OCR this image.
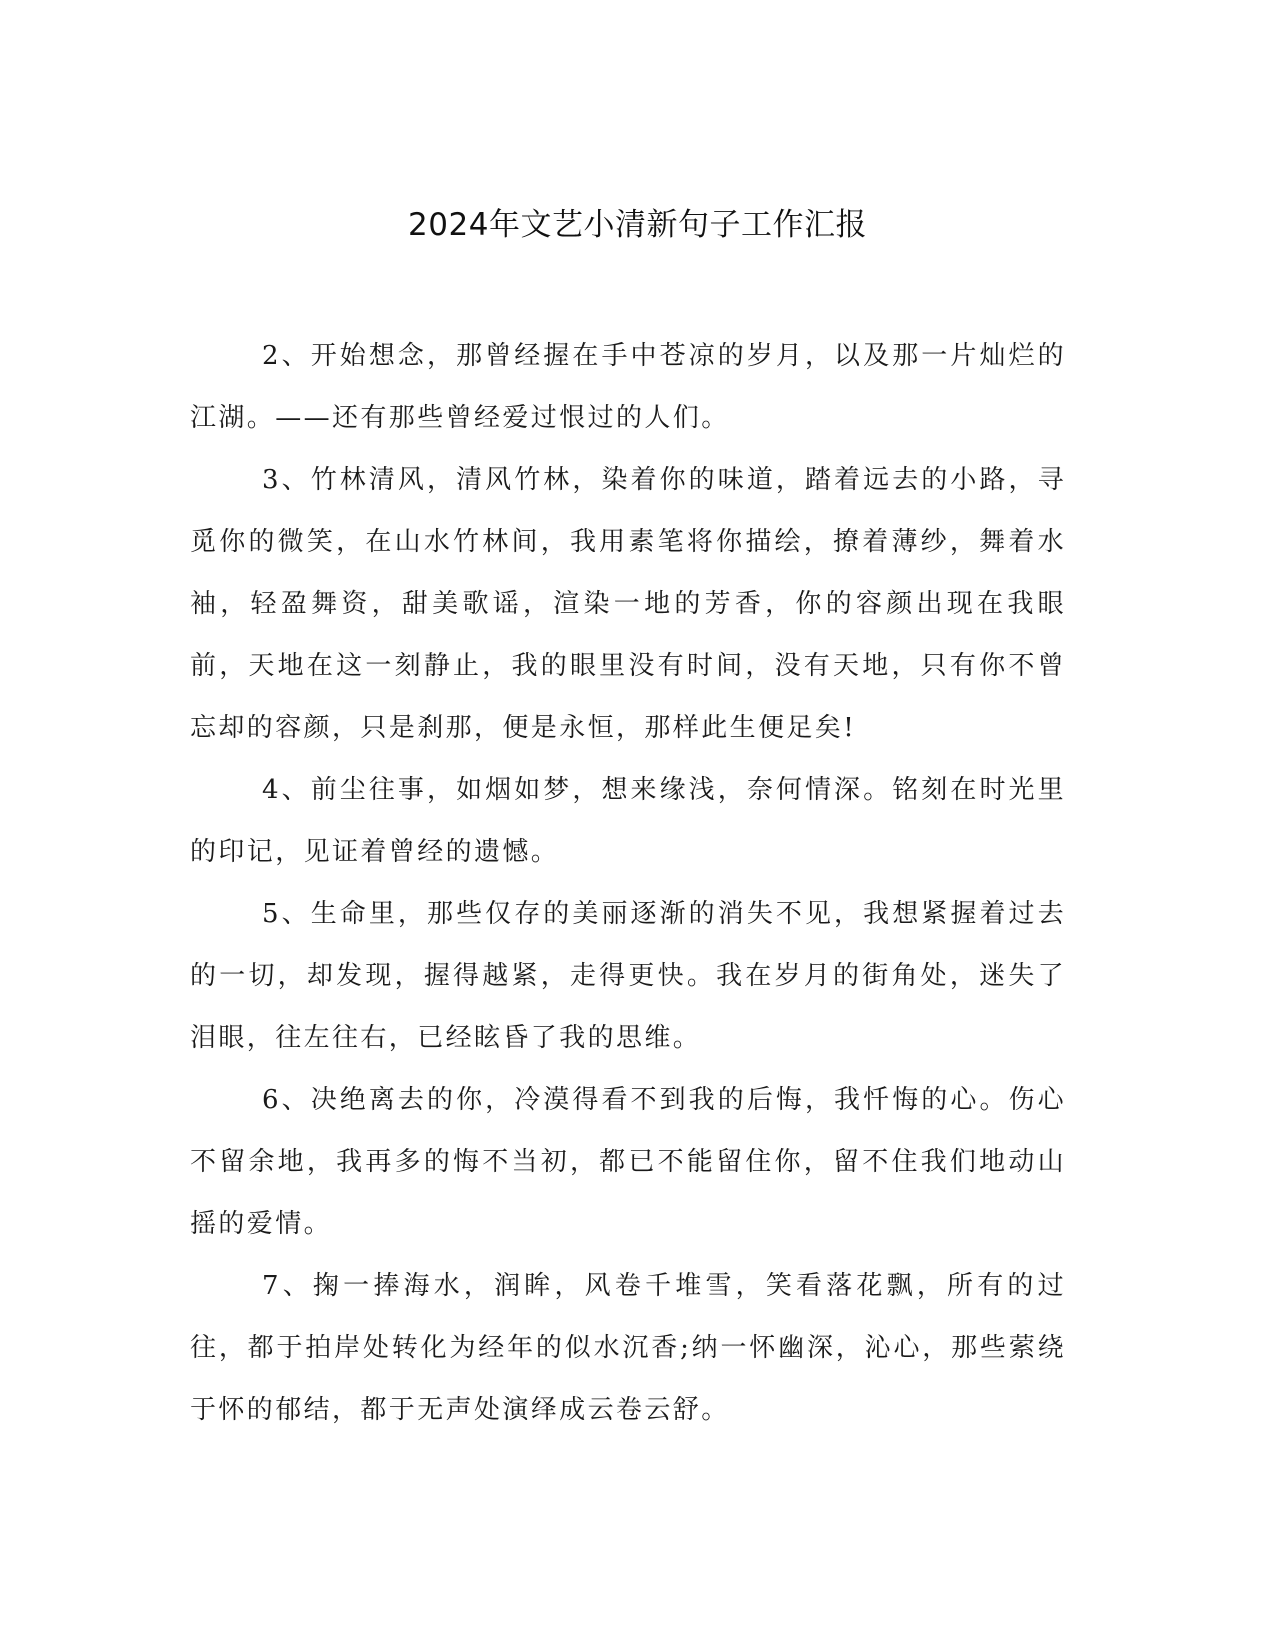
2024年文艺小清新句子工作汇报

2、开始想念，那曾经握在手中苍凉的岁月，以及那一片灿烂的江湖。——还有那些曾经爱过恨过的人们。

3、竹林清风，清风竹林，染着你的味道，踏着远去的小路，寻觅你的微笑，在山水竹林间，我用素笔将你描绘，撩着薄纱，舞着水袖，轻盈舞资，甜美歌谣，渲染一地的芳香，你的容颜出现在我眼前，天地在这一刻静止，我的眼里没有时间，没有天地，只有你不曾忘却的容颜，只是刹那，便是永恒，那样此生便足矣!

4、前尘往事，如烟如梦，想来缘浅，奈何情深。铭刻在时光里的印记，见证着曾经的遗憾。

5、生命里，那些仅存的美丽逐渐的消失不见，我想紧握着过去的一切，却发现，握得越紧，走得更快。我在岁月的街角处，迷失了泪眼，往左往右，已经眩昏了我的思维。

6、决绝离去的你，冷漠得看不到我的后悔，我忏悔的心。伤心不留余地，我再多的悔不当初，都已不能留住你，留不住我们地动山摇的爱情。

7、掬一捧海水，润眸，风卷千堆雪，笑看落花飘，所有的过往，都于拍岸处转化为经年的似水沉香;纳一怀幽深，沁心，那些萦绕于怀的郁结，都于无声处演绎成云卷云舒。
